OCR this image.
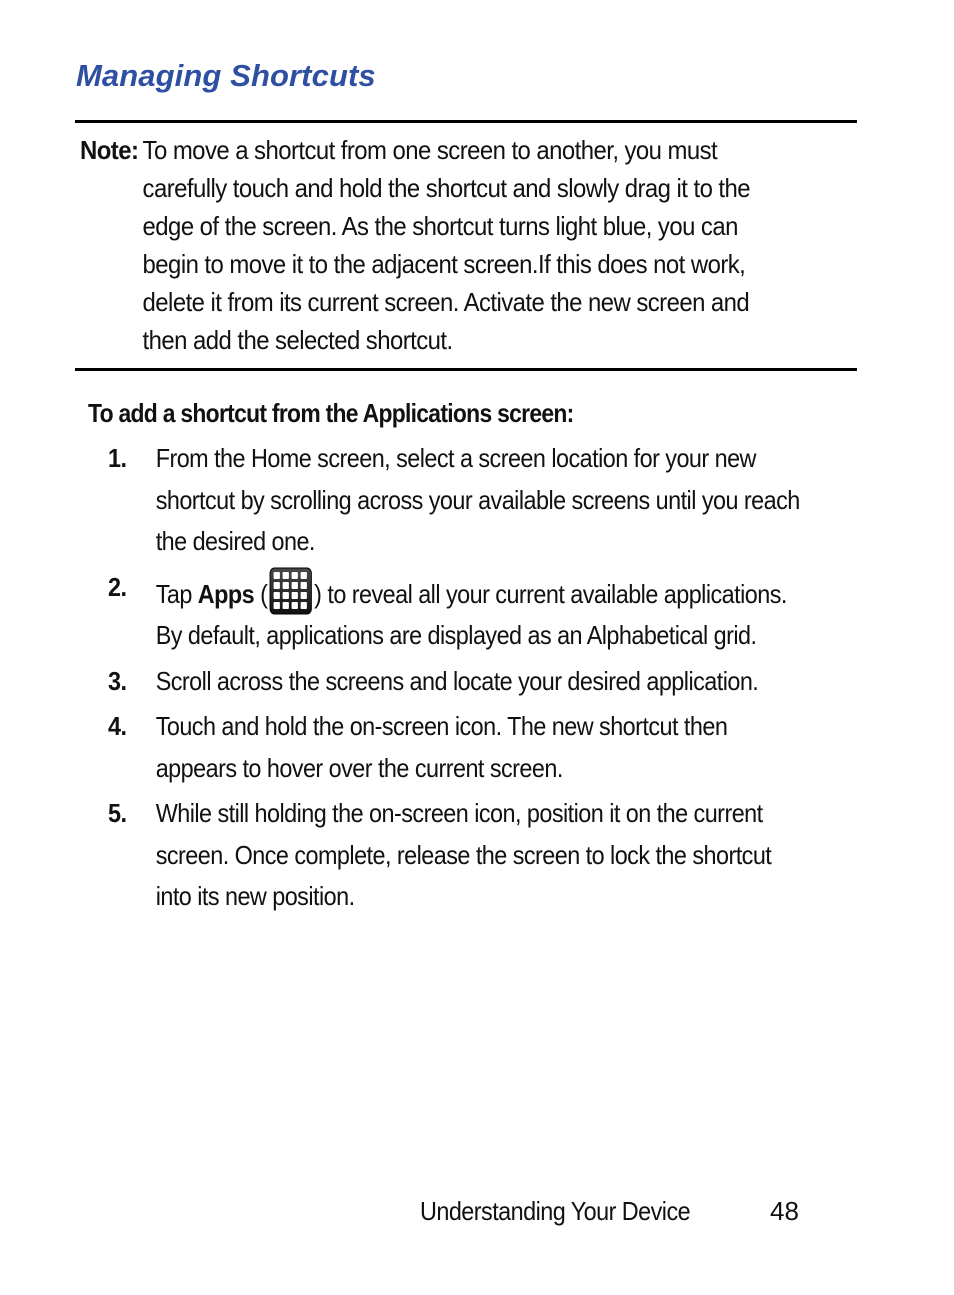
Managing Shortcuts
Note: To move a shortcut from one screen to another, you must carefully touch and hold the shortcut and slowly drag it to the edge of the screen. As the shortcut turns light blue, you can begin to move it to the adjacent screen.If this does not work, delete it from its current screen. Activate the new screen and then add the selected shortcut.
To add a shortcut from the Applications screen:
1. From the Home screen, select a screen location for your new shortcut by scrolling across your available screens until you reach the desired one.
2. Tap Apps ( ) to reveal all your current available applications. By default, applications are displayed as an Alphabetical grid.
3. Scroll across the screens and locate your desired application.
4. Touch and hold the on-screen icon. The new shortcut then appears to hover over the current screen.
5. While still holding the on-screen icon, position it on the current screen. Once complete, release the screen to lock the shortcut into its new position.
Understanding Your Device	48
